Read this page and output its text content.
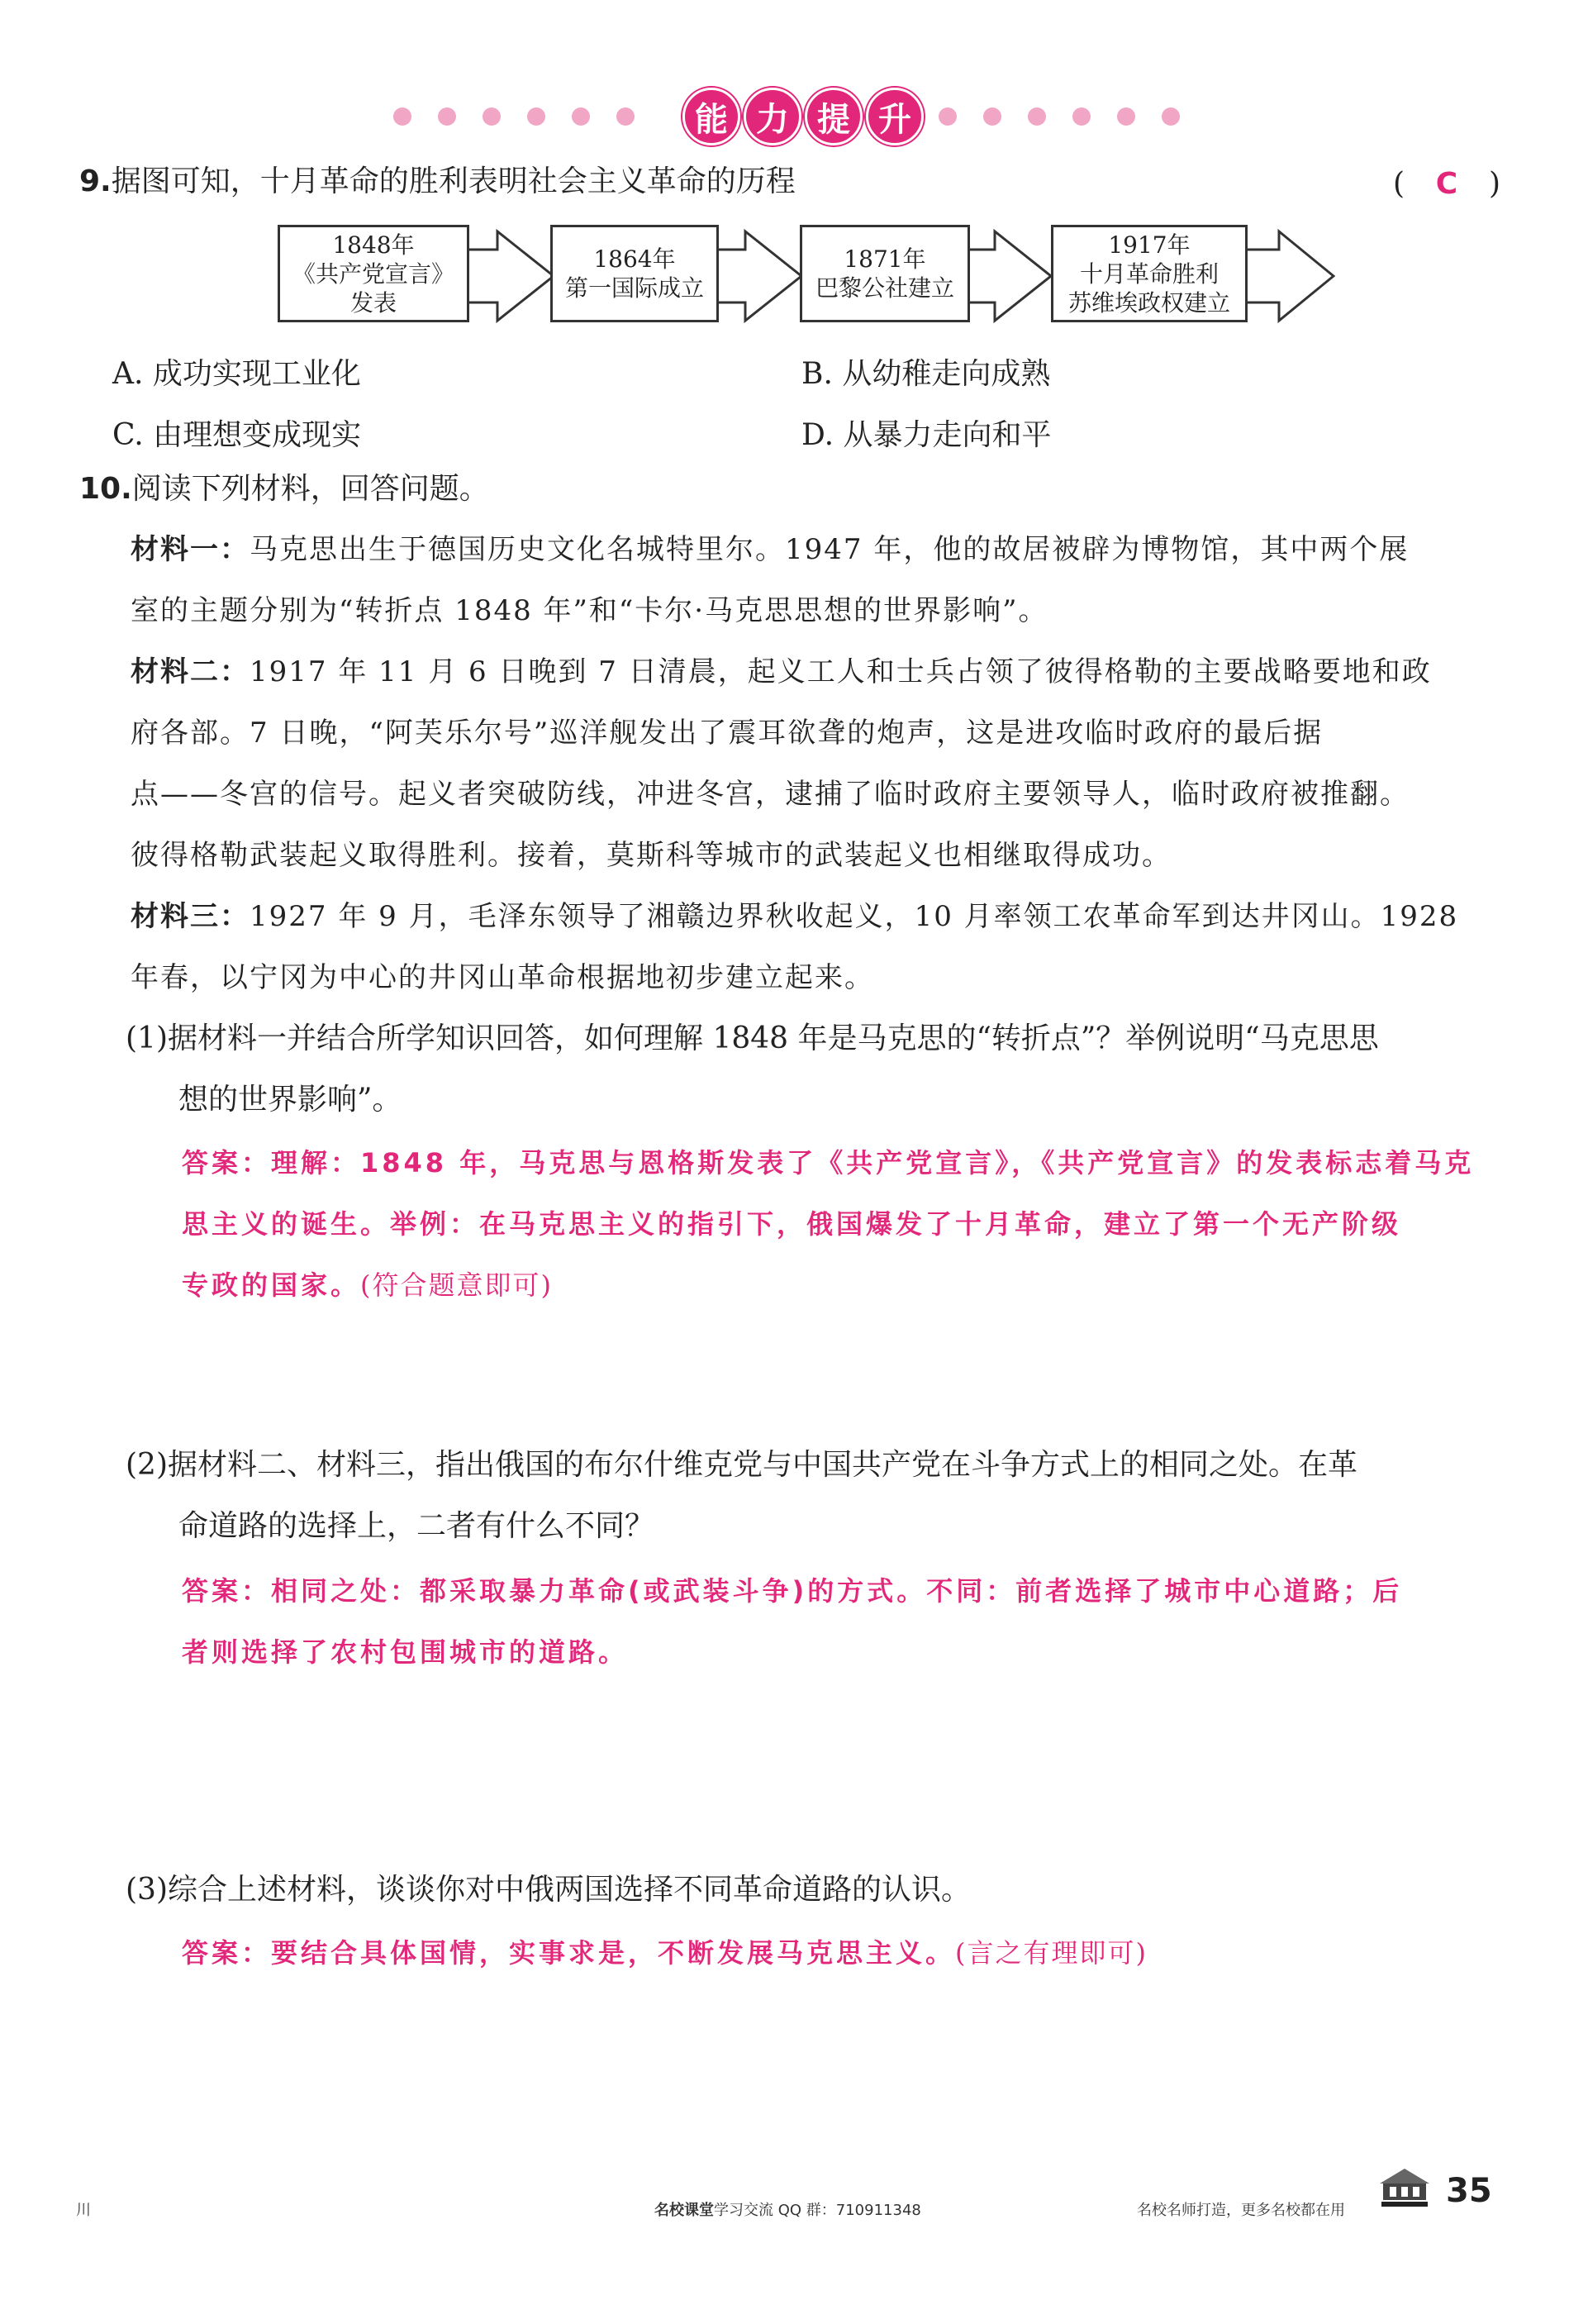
能 力 提 升
9.据图可知，十月革命的胜利表明社会主义革命的历程	( C )
1848年
《共产党宣言》
发表
1864年
第一国际成立
1871年
巴黎公社建立
1917年
十月革命胜利
苏维埃政权建立
A. 成功实现工业化	B. 从幼稚走向成熟
C. 由理想变成现实	D. 从暴力走向和平
10.阅读下列材料，回答问题。
材料一：马克思出生于德国历史文化名城特里尔。1947 年，他的故居被辟为博物馆，其中两个展
室的主题分别为“转折点 1848 年”和“卡尔·马克思思想的世界影响”。
材料二：1917 年 11 月 6 日晚到 7 日清晨，起义工人和士兵占领了彼得格勒的主要战略要地和政
府各部。7 日晚，“阿芙乐尔号”巡洋舰发出了震耳欲聋的炮声，这是进攻临时政府的最后据
点——冬宫的信号。起义者突破防线，冲进冬宫，逮捕了临时政府主要领导人，临时政府被推翻。
彼得格勒武装起义取得胜利。接着，莫斯科等城市的武装起义也相继取得成功。
材料三：1927 年 9 月，毛泽东领导了湘赣边界秋收起义，10 月率领工农革命军到达井冈山。1928
年春，以宁冈为中心的井冈山革命根据地初步建立起来。
(1)据材料一并结合所学知识回答，如何理解 1848 年是马克思的“转折点”？举例说明“马克思思
想的世界影响”。
答案：理解：1848 年，马克思与恩格斯发表了《共产党宣言》，《共产党宣言》的发表标志着马克
思主义的诞生。举例：在马克思主义的指引下，俄国爆发了十月革命，建立了第一个无产阶级
专政的国家。(符合题意即可)
(2)据材料二、材料三，指出俄国的布尔什维克党与中国共产党在斗争方式上的相同之处。在革
命道路的选择上，二者有什么不同？
答案：相同之处：都采取暴力革命(或武装斗争)的方式。不同：前者选择了城市中心道路；后
者则选择了农村包围城市的道路。
(3)综合上述材料，谈谈你对中俄两国选择不同革命道路的认识。
答案：要结合具体国情，实事求是，不断发展马克思主义。(言之有理即可)
川	名校课堂学习交流 QQ 群：710911348	名校名师打造，更多名校都在用
35
